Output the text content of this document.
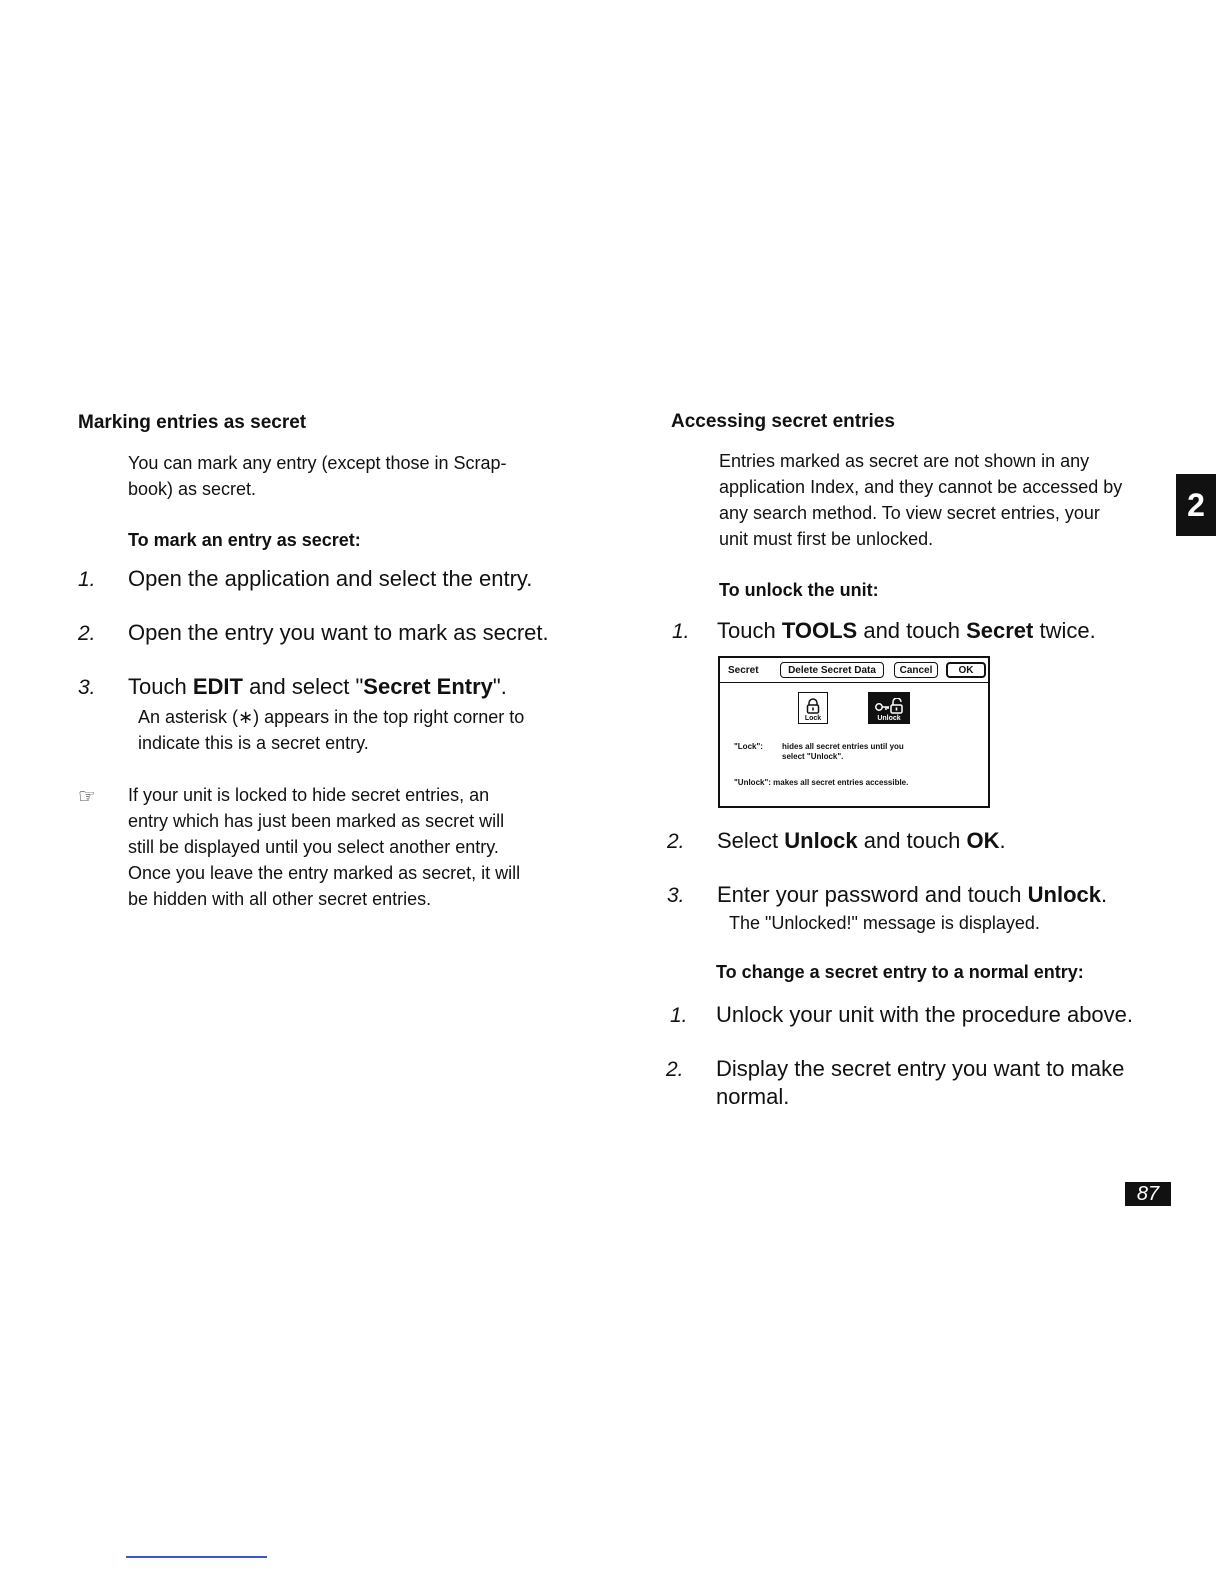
Marking entries as secret
You can mark any entry (except those in Scrap-
book) as secret.
To mark an entry as secret:
1. Open the application and select the entry.
2. Open the entry you want to mark as secret.
3. Touch EDIT and select "Secret Entry".
An asterisk (∗) appears in the top right corner to
indicate this is a secret entry.
☞ If your unit is locked to hide secret entries, an
entry which has just been marked as secret will
still be displayed until you select another entry.
Once you leave the entry marked as secret, it will
be hidden with all other secret entries.
Accessing secret entries
Entries marked as secret are not shown in any
application Index, and they cannot be accessed by
any search method. To view secret entries, your
unit must first be unlocked.
To unlock the unit:
1. Touch TOOLS and touch Secret twice.
Secret	Delete Secret Data	Cancel	OK
Lock	Unlock
"Lock": hides all secret entries until you
select "Unlock".
"Unlock": makes all secret entries accessible.
2. Select Unlock and touch OK.
3. Enter your password and touch Unlock.
The "Unlocked!" message is displayed.
To change a secret entry to a normal entry:
1. Unlock your unit with the procedure above.
2. Display the secret entry you want to make
normal.
2
87
